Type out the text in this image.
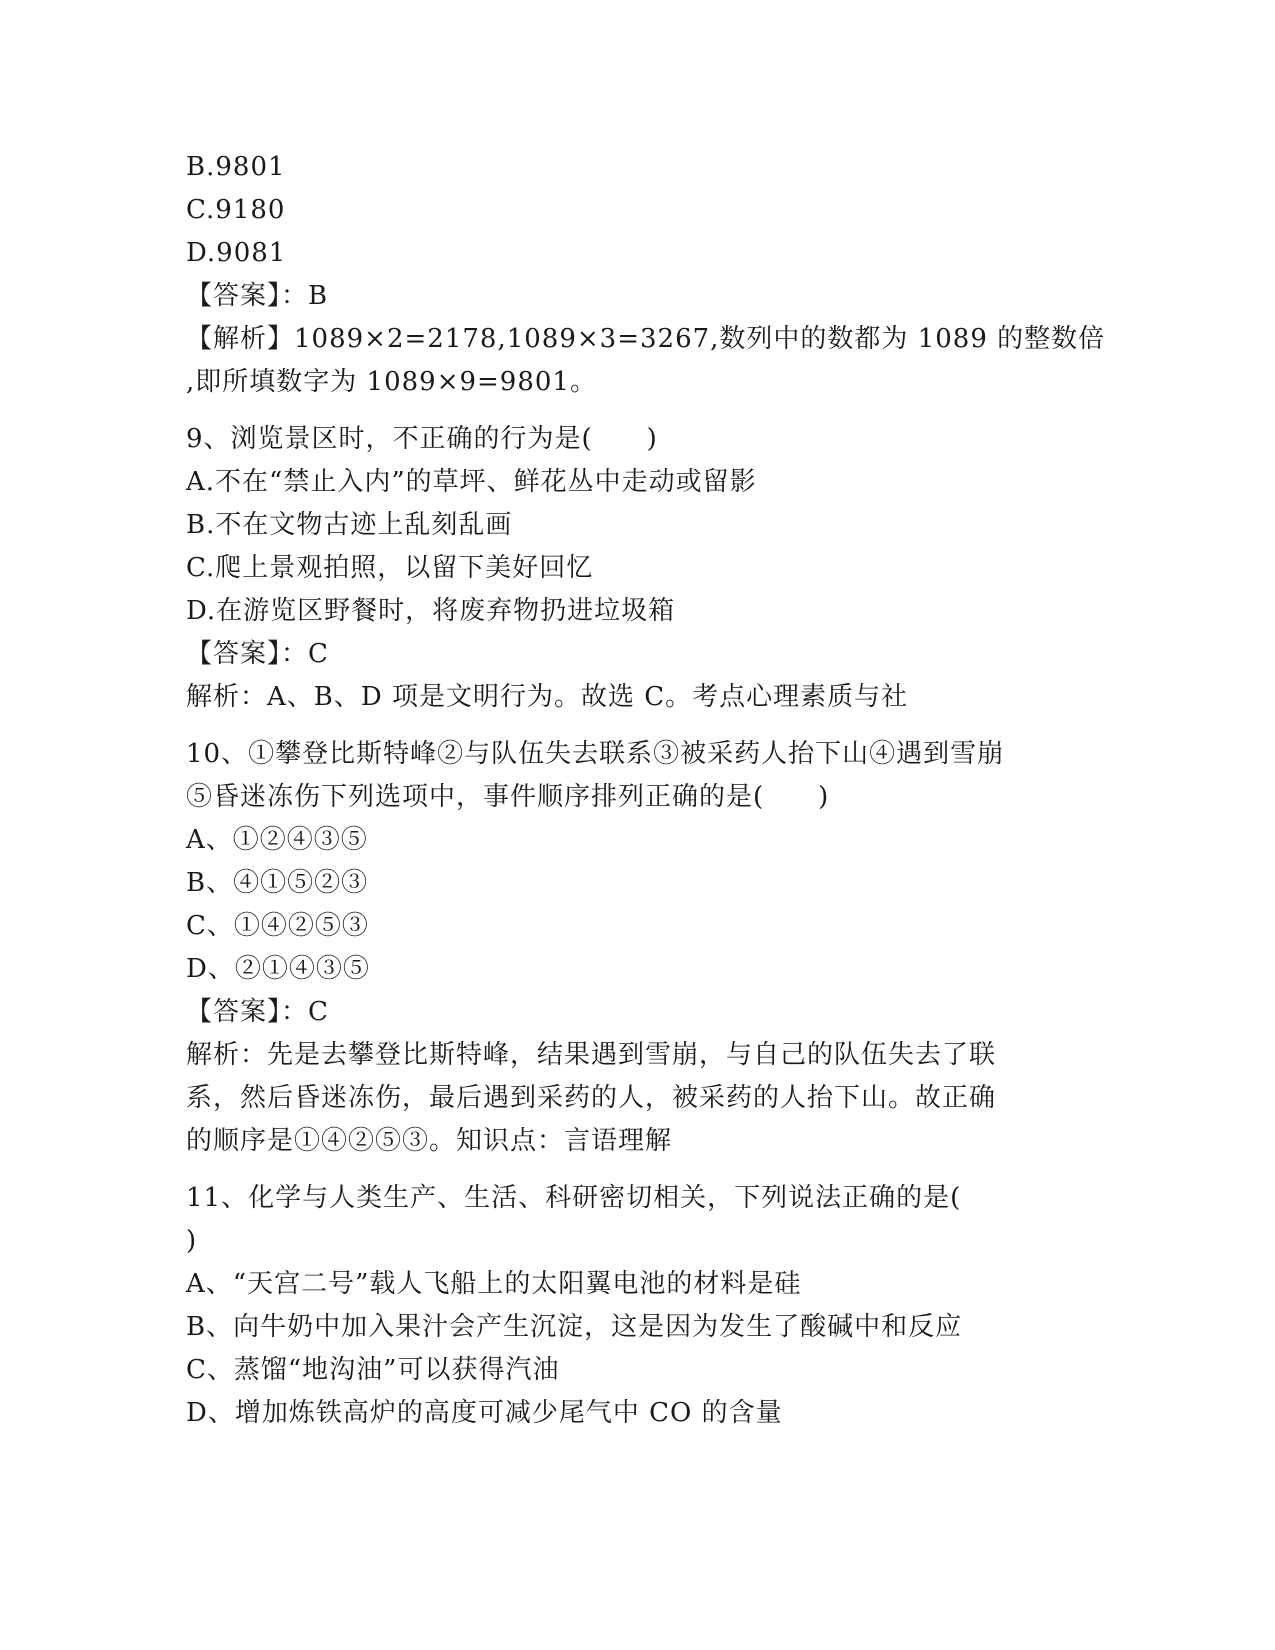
B.9801
C.9180
D.9081
【答案】：B
【解析】1089×2=2178,1089×3=3267,数列中的数都为 1089 的整数倍
,即所填数字为 1089×9=9801。
9、浏览景区时，不正确的行为是(　　)
A.不在“禁止入内”的草坪、鲜花丛中走动或留影
B.不在文物古迹上乱刻乱画
C.爬上景观拍照，以留下美好回忆
D.在游览区野餐时，将废弃物扔进垃圾箱
【答案】：C
解析：A、B、D 项是文明行为。故选 C。考点心理素质与社
10、①攀登比斯特峰②与队伍失去联系③被采药人抬下山④遇到雪崩
⑤昏迷冻伤下列选项中，事件顺序排列正确的是(　　)
A、①②④③⑤
B、④①⑤②③
C、①④②⑤③
D、②①④③⑤
【答案】：C
解析：先是去攀登比斯特峰，结果遇到雪崩，与自己的队伍失去了联
系，然后昏迷冻伤，最后遇到采药的人，被采药的人抬下山。故正确
的顺序是①④②⑤③。知识点：言语理解
11、化学与人类生产、生活、科研密切相关，下列说法正确的是(
)
A、“天宫二号”载人飞船上的太阳翼电池的材料是硅
B、向牛奶中加入果汁会产生沉淀，这是因为发生了酸碱中和反应
C、蒸馏“地沟油”可以获得汽油
D、增加炼铁高炉的高度可减少尾气中 CO 的含量
